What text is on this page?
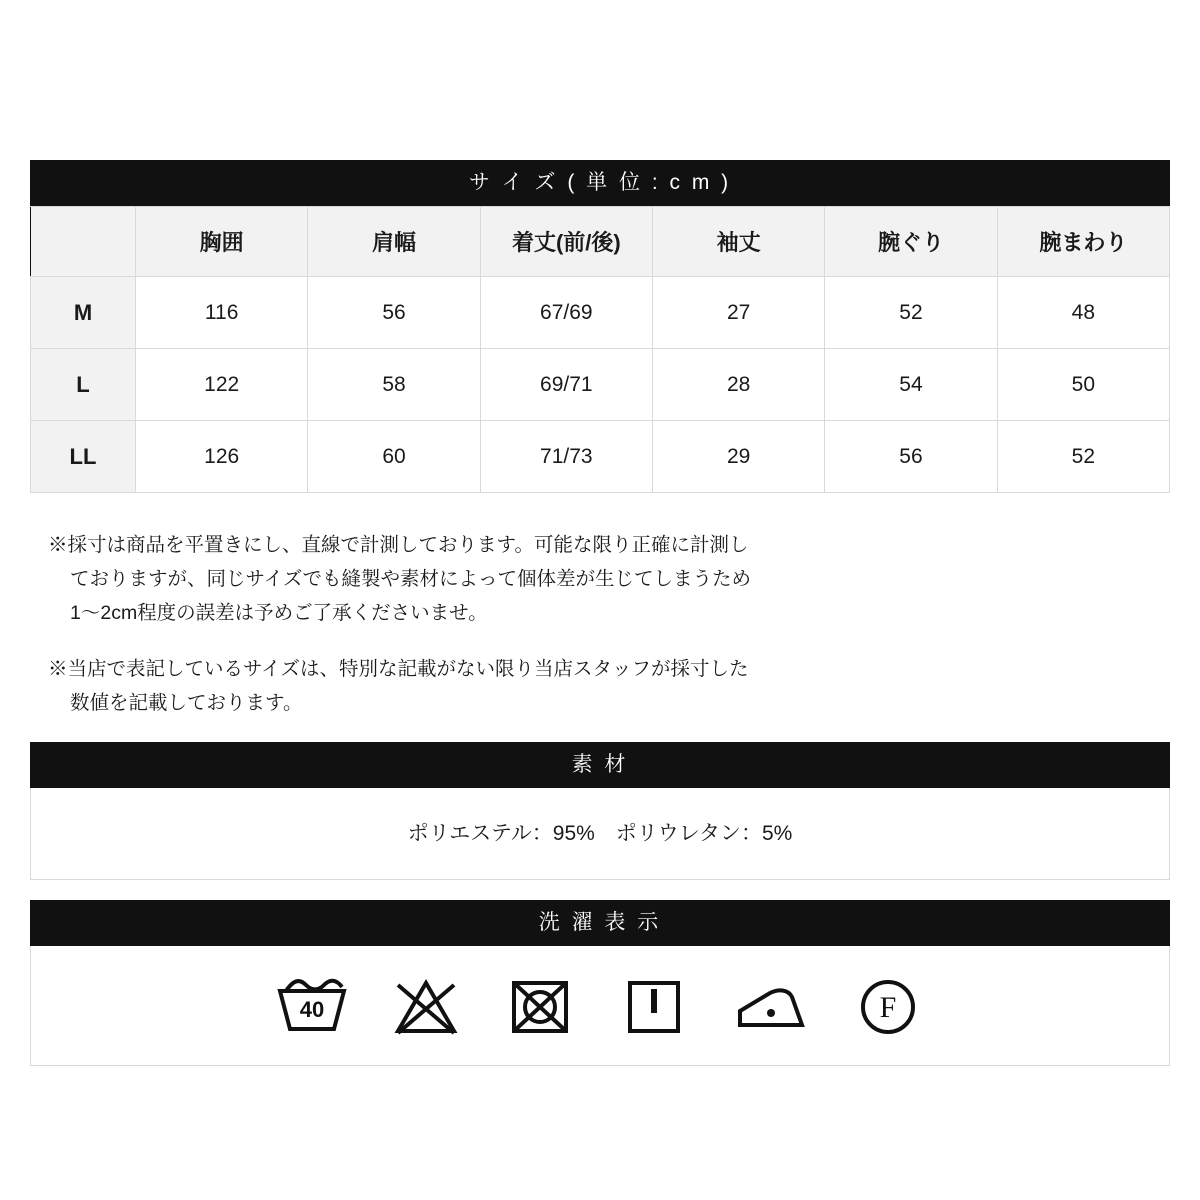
サ イ ズ ( 単 位 : c m )
	胸囲	肩幅	着丈(前/後)	袖丈	腕ぐり	腕まわり
M	116	56	67/69	27	52	48
L	122	58	69/71	28	54	50
LL	126	60	71/73	29	56	52
※採寸は商品を平置きにし、直線で計測しております。可能な限り正確に計測し
ておりますが、同じサイズでも縫製や素材によって個体差が生じてしまうため
1〜2cm程度の誤差は予めご了承くださいませ。
※当店で表記しているサイズは、特別な記載がない限り当店スタッフが採寸した
数値を記載しております。
素 材
ポリエステル：95%　ポリウレタン：5%
洗 濯 表 示
40	F
